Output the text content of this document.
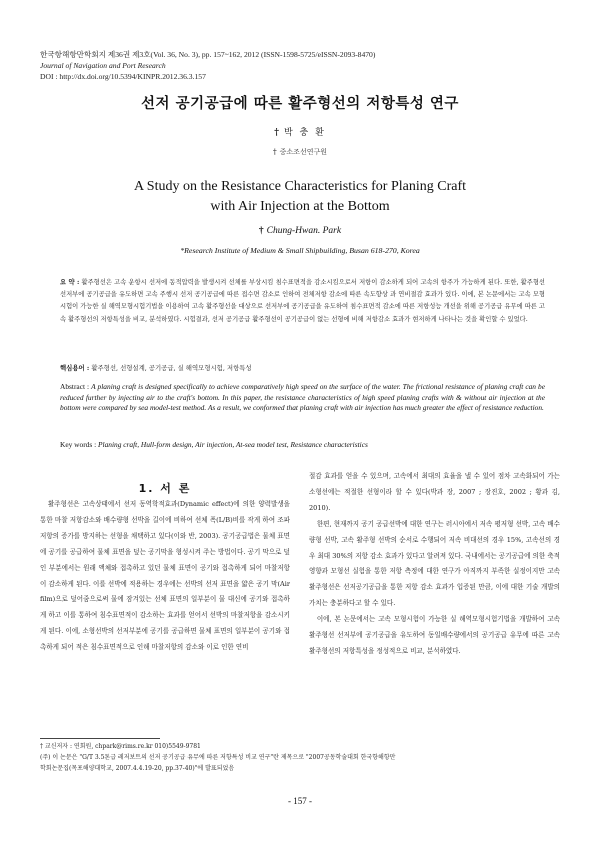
한국항해항만학회지 제36권 제3호(Vol. 36, No. 3), pp. 157~162, 2012 (ISSN-1598-5725/eISSN-2093-8470)
Journal of Navigation and Port Research
DOI : http://dx.doi.org/10.5394/KINPR.2012.36.3.157
선저 공기공급에 따른 활주형선의 저항특성 연구
† 박 충 환
† 중소조선연구원
A Study on the Resistance Characteristics for Planing Craft
with Air Injection at the Bottom
† Chung-Hwan. Park
*Research Institute of Medium & Small Shipbuilding, Busan 618-270, Korea
요 약 : 활주형선은 고속 운항시 선저에 동적압력을 발생시켜 선체를 부상시킴 침수표면적을 감소시킴으로서 저항이 감소하게 되어 고속의 항주가 가능하게 된다. 또한, 활주형선 선저부에 공기공급을 유도하면 고속 주행시 선저 공기공급에 따른 접수면 감소로 인하여 전체저항 감소에 따른 속도향상 과 연비절감 효과가 있다. 이에, 본 논문에서는 고속 모형시험이 가능한 실 해역모형시험기법을 이용하여 고속 활주형선을 대상으로 선저부에 공기공급을 유도하여 침수표면적 감소에 따른 저항성능 개선을 위해 공기공급 유무에 따른 고속 활주형선의 저항특성을 비교, 분석하였다. 시험결과, 선저 공기공급 활주형선이 공기공급이 없는 선형에 비해 저항감소 효과가 현저하게 나타나는 것을 확인할 수 있었다.
핵심용어 : 활주형선, 선형설계, 공기공급, 실 해역모형시험, 저항특성
Abstract : A planing craft is designed specifically to achieve comparatively high speed on the surface of the water. The frictional resistance of planing craft can be reduced further by injecting air to the craft's bottom. In this paper, the resistance characteristics of high speed planing crafts with & without air injection at the bottom were compared by sea model-test method. As a result, we conformed that planing craft with air injection has much greater the effect of resistance reduction.
Key words : Planing craft, Hull-form design, Air injection, At-sea model test, Resistance characteristics
1. 서 론

활주형선은 고속상태에서 선저 동역학적효과(Dynamic effect)에 의한 양력발생을 통한 마찰 저항감소와 배수량형 선박을 길이에 비하여 선체 폭(L/B)비를 작게 하여 조파저항의 증가를 방지하는 선형을 채택하고 있다(이와 반, 2003). 공기공급법은 물체 표면에 공기를 공급하여 물체 표면을 덮는 공기막을 형성시켜 주는 방법이다. 공기 막으로 덮인 부분에서는 원래 액체와 접촉하고 있던 물체 표면이 공기와 접촉하게 되어 마찰저항이 감소하게 된다. 이를 선박에 적용하는 경우에는 선박의 선저 표면을 얇은 공기 막(Air film)으로 덮어줌으로써 물에 잠겨있는 선체 표면의 일부분이 물 대신에 공기와 접촉하게 하고 이를 통하여 침수표면적이 감소하는 효과를 얻어서 선박의 마찰저항을 감소시키게 된다. 이에, 소형선박의 선저부분에 공기를 공급하면 물체 표면의 일부분이 공기와 접촉하게 되어 적은 침수표면적으로 인해 마찰저항의 감소와 이로 인한 연비

절감 효과를 얻을 수 있으며, 고속에서 최대의 효율을 낼 수 있어 점차 고속화되어 가는 소형선에는 적절한 선형이라 할 수 있다(박과 장, 2007 ; 장진호, 2002 ; 황과 김, 2010).

한편, 현재까지 공기 공급선박에 대한 연구는 러시아에서 저속 평저형 선박, 고속 배수량형 선박, 고속 활주형 선박의 순서로 수행되어 저속 비대선의 경우 15%, 고속선의 경우 최대 30%의 저항 감소 효과가 있다고 알려져 있다. 국내에서는 공기공급에 의한 축적 영향과 모형선 실험을 통한 저항 측정에 대한 연구가 아직까지 부족한 실정이지만 고속 활주형선은 선저공기공급을 통한 저항 감소 효과가 입증된 만큼, 이에 대한 기술 개발의 가치는 충분하다고 할 수 있다.

이에, 본 논문에서는 고속 모형시험이 가능한 실 해역모형시험기법을 개발하여 고속 활주형선 선저부에 공기공급을 유도하여 동일배수량에서의 공기공급 유무에 따른 고속 활주형선의 저항특성을 정성적으로 비교, 분석하였다.

† 교신저자 : 연회원, chpark@rims.re.kr 010)5549-9781
(주) 이 논문은 "G/T 3.5톤급 레저보트의 선저 공기공급 유무에 따른 저항특성 비교 연구"란 제목으로 "2007공동학술대회 한국항해항만
학회논문집(목포해양대학교, 2007.4.4.19-20, pp.37-40)"에 발표되었음
- 157 -
